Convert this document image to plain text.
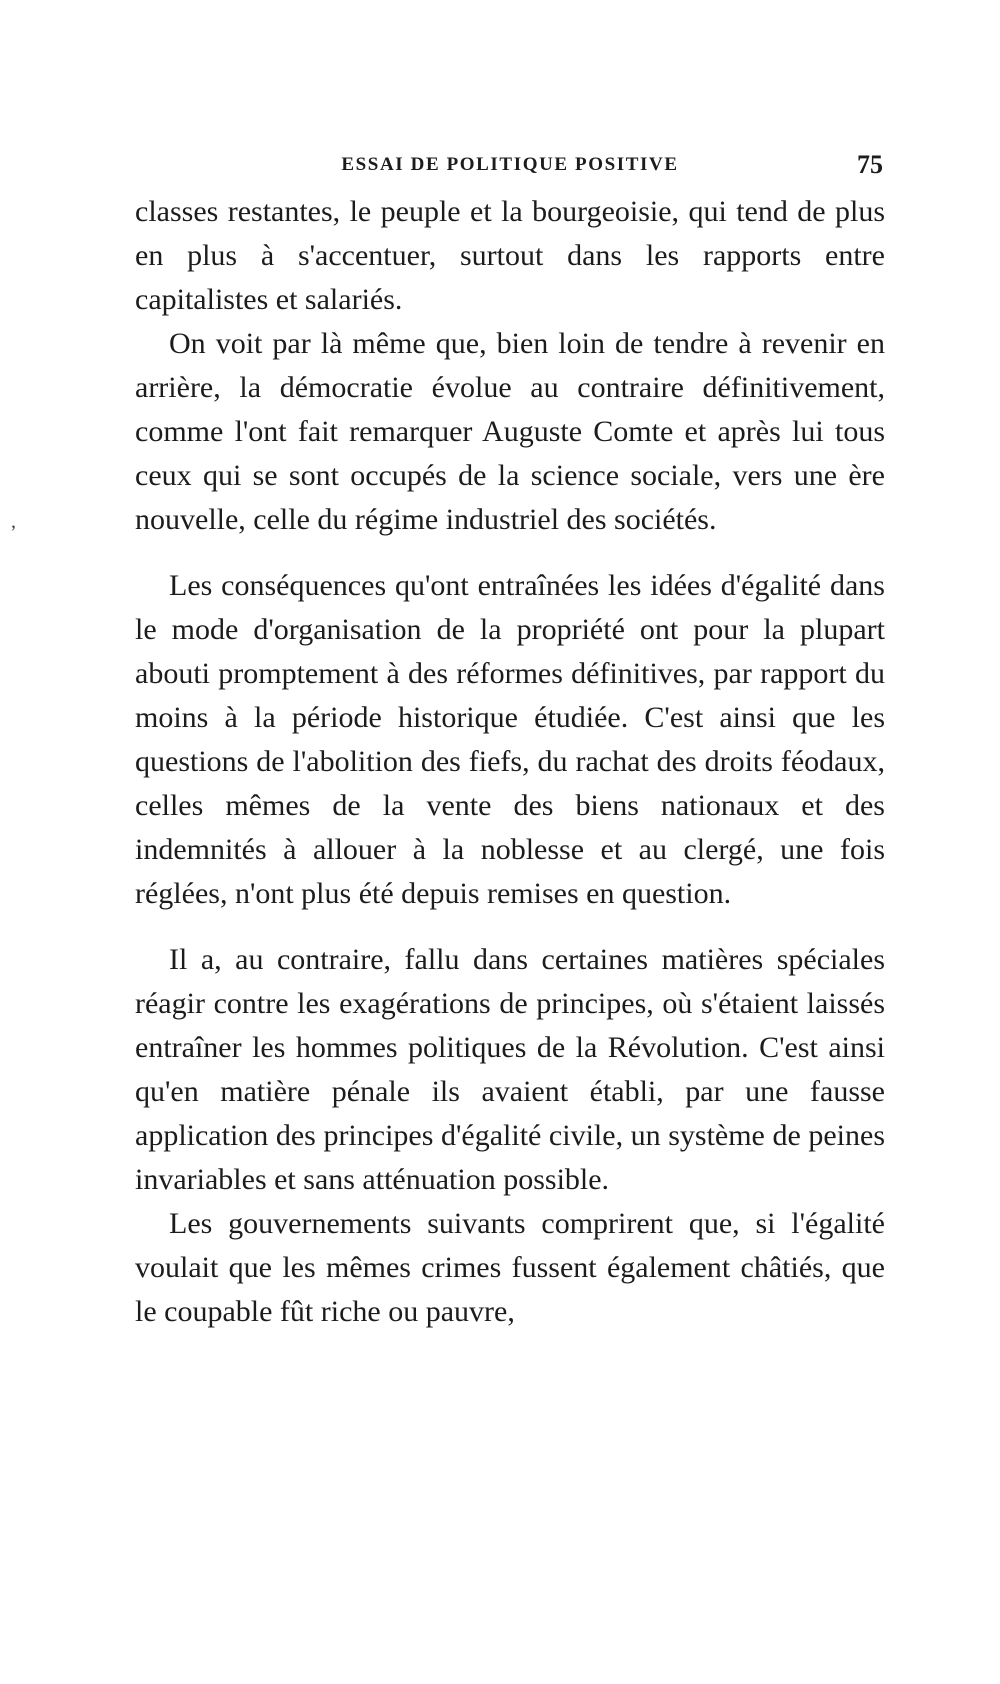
ESSAI DE POLITIQUE POSITIVE	75
ʼ

classes restantes, le peuple et la bourgeoisie, qui tend de plus en plus à s'accentuer, surtout dans les rapports entre capitalistes et salariés.

On voit par là même que, bien loin de tendre à revenir en arrière, la démocratie évolue au contraire définitivement, comme l'ont fait remarquer Auguste Comte et après lui tous ceux qui se sont occupés de la science sociale, vers une ère nouvelle, celle du régime industriel des sociétés.

Les conséquences qu'ont entraînées les idées d'égalité dans le mode d'organisation de la propriété ont pour la plupart abouti promptement à des réformes définitives, par rapport du moins à la période historique étudiée. C'est ainsi que les questions de l'abolition des fiefs, du rachat des droits féodaux, celles mêmes de la vente des biens nationaux et des indemnités à allouer à la noblesse et au clergé, une fois réglées, n'ont plus été depuis remises en question.

Il a, au contraire, fallu dans certaines matières spéciales réagir contre les exagérations de principes, où s'étaient laissés entraîner les hommes politiques de la Révolution. C'est ainsi qu'en matière pénale ils avaient établi, par une fausse application des principes d'égalité civile, un système de peines invariables et sans atténuation possible.

Les gouvernements suivants comprirent que, si l'égalité voulait que les mêmes crimes fussent également châtiés, que le coupable fût riche ou pauvre,
